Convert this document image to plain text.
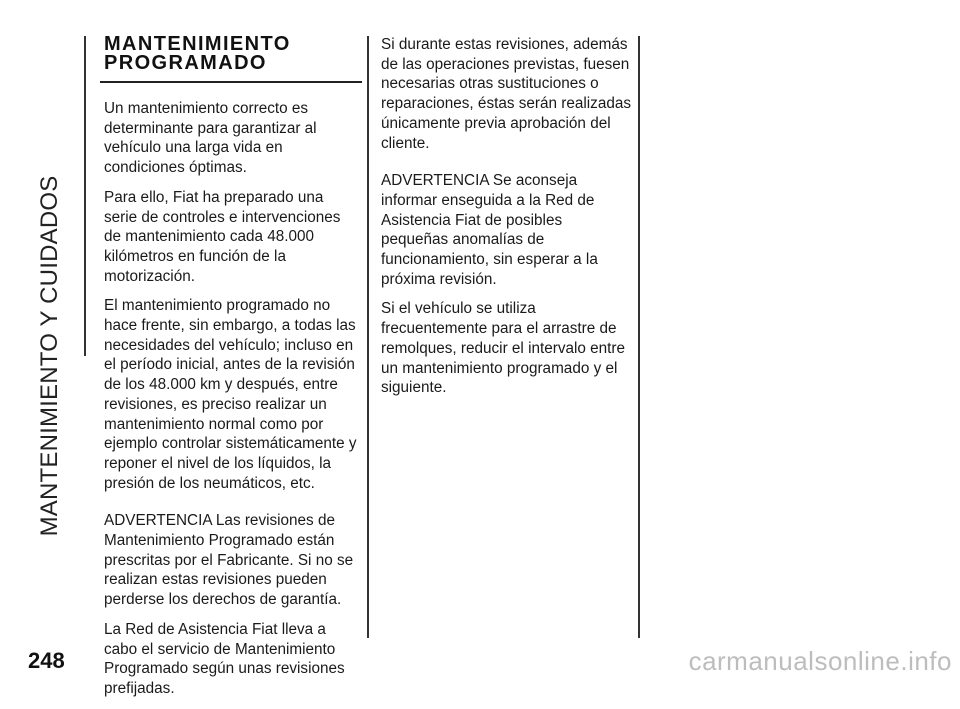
MANTENIMIENTO Y CUIDADOS
MANTENIMIENTO
PROGRAMADO

Un mantenimiento correcto es determinante para garantizar al vehículo una larga vida en condiciones óptimas.

Para ello, Fiat ha preparado una serie de controles e intervenciones de mantenimiento cada 48.000 kilómetros en función de la motorización.

El mantenimiento programado no hace frente, sin embargo, a todas las necesidades del vehículo; incluso en el período inicial, antes de la revisión de los 48.000 km y después, entre revisiones, es preciso realizar un mantenimiento normal como por ejemplo controlar sistemáticamente y reponer el nivel de los líquidos, la presión de los neumáticos, etc.

ADVERTENCIA Las revisiones de Mantenimiento Programado están prescritas por el Fabricante. Si no se realizan estas revisiones pueden perderse los derechos de garantía.

La Red de Asistencia Fiat lleva a cabo el servicio de Mantenimiento Programado según unas revisiones prefijadas.

Si durante estas revisiones, además de las operaciones previstas, fuesen necesarias otras sustituciones o reparaciones, éstas serán realizadas únicamente previa aprobación del cliente.

ADVERTENCIA Se aconseja informar enseguida a la Red de Asistencia Fiat de posibles pequeñas anomalías de funcionamiento, sin esperar a la próxima revisión.

Si el vehículo se utiliza frecuentemente para el arrastre de remolques, reducir el intervalo entre un mantenimiento programado y el siguiente.

248	carmanualsonline.info
